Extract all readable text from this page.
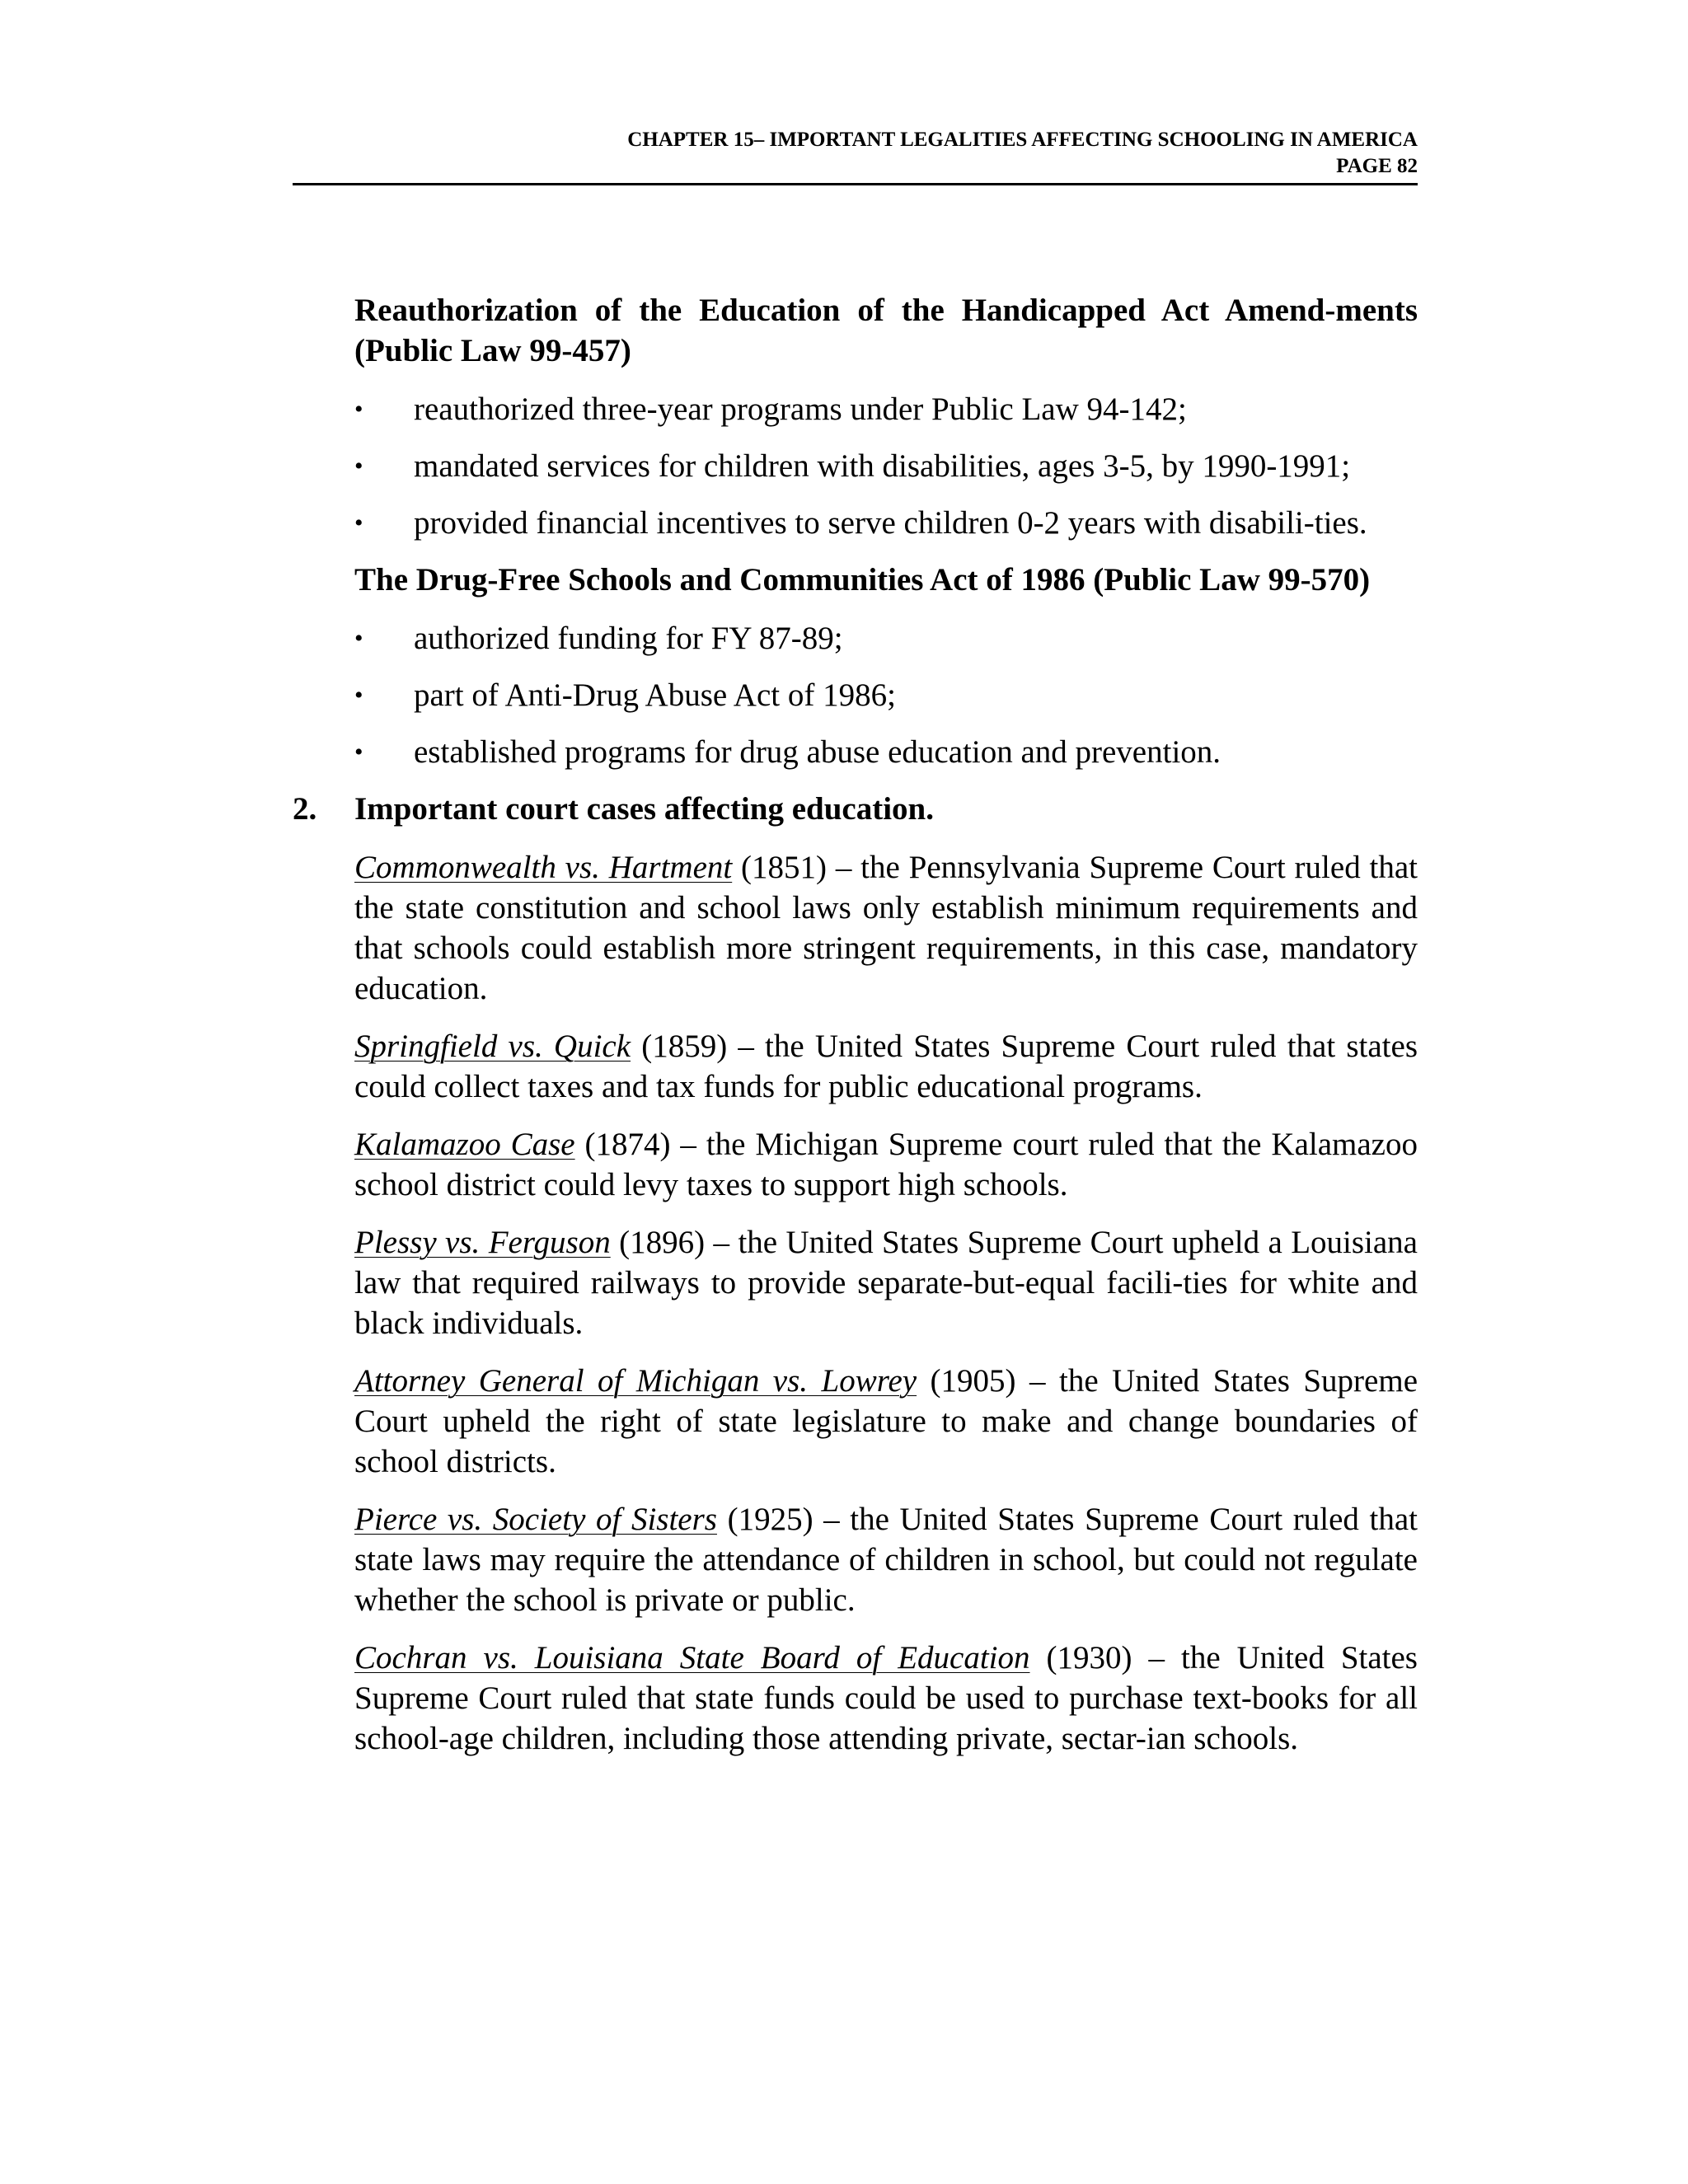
CHAPTER 15– IMPORTANT LEGALITIES AFFECTING SCHOOLING IN AMERICA
PAGE 82
Reauthorization of the Education of the Handicapped Act Amend-ments (Public Law 99-457)
• reauthorized three-year programs under Public Law 94-142;
• mandated services for children with disabilities, ages 3-5, by 1990-1991;
• provided financial incentives to serve children 0-2 years with disabili-ties.
The Drug-Free Schools and Communities Act of 1986 (Public Law 99-570)
• authorized funding for FY 87-89;
• part of Anti-Drug Abuse Act of 1986;
• established programs for drug abuse education and prevention.
2. Important court cases affecting education.

Commonwealth vs. Hartment (1851) – the Pennsylvania Supreme Court ruled that the state constitution and school laws only establish minimum requirements and that schools could establish more stringent requirements, in this case, mandatory education.

Springfield vs. Quick (1859) – the United States Supreme Court ruled that states could collect taxes and tax funds for public educational programs.

Kalamazoo Case (1874) – the Michigan Supreme court ruled that the Kalamazoo school district could levy taxes to support high schools.

Plessy vs. Ferguson (1896) – the United States Supreme Court upheld a Louisiana law that required railways to provide separate-but-equal facili-ties for white and black individuals.

Attorney General of Michigan vs. Lowrey (1905) – the United States Supreme Court upheld the right of state legislature to make and change boundaries of school districts.

Pierce vs. Society of Sisters (1925) – the United States Supreme Court ruled that state laws may require the attendance of children in school, but could not regulate whether the school is private or public.

Cochran vs. Louisiana State Board of Education (1930) – the United States Supreme Court ruled that state funds could be used to purchase text-books for all school-age children, including those attending private, sectar-ian schools.
